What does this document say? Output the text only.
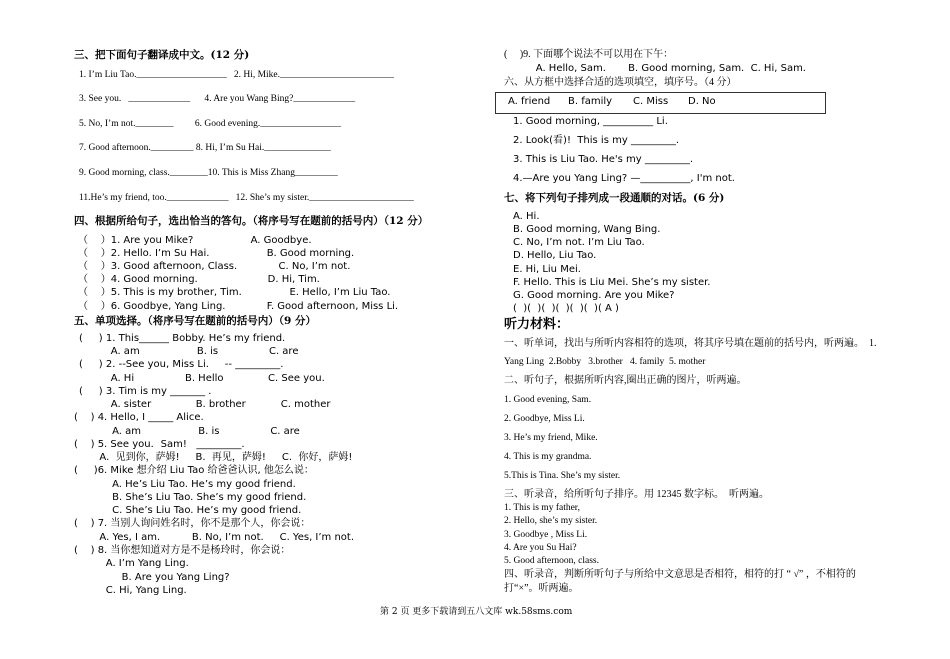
三、把下面句子翻译成中文。(12 分)
1. I’m Liu Tao.___________________   2. Hi, Mike.________________________
3. See you.   _____________      4. Are you Wang Bing?_____________
5. No, I’m not.________         6. Good evening._________________
7. Good afternoon._________ 8. Hi, I’m Su Hai.______________
9. Good morning, class.________10. This is Miss Zhang_________
11.He’s my friend, too._____________   12. She’s my sister.______________________
四、根据所给句子，选出恰当的答句。（将序号写在题前的括号内）（12 分）
（    ）1. Are you Mike?                  A. Goodbye.
（    ）2. Hello. I’m Su Hai.                  B. Good morning.
（    ）3. Good afternoon, Class.             C. No, I’m not.
（    ）4. Good morning.                      D. Hi, Tim.
（    ）5. This is my brother, Tim.               E. Hello, I’m Liu Tao.
（    ）6. Goodbye, Yang Ling.             F. Good afternoon, Miss Li.
五、单项选择。（将序号写在题前的括号内）（9 分）
(     ) 1. This______ Bobby. He’s my friend.
A. am                  B. is                C. are
(     ) 2. --See you, Miss Li.     -- _________.
A. Hi                B. Hello              C. See you.
(     ) 3. Tim is my _______ .
A. sister              B. brother           C. mother
(    ) 4. Hello, I _____ Alice.
A. am                  B. is                C. are
(    ) 5. See you．Sam!   _________.
A.  见到你，萨姆!     B.  再见，萨姆!     C.  你好，萨姆!
(     )6. Mike 想介绍 Liu Tao 给爸爸认识, 他怎么说：
A. He’s Liu Tao. He’s my good friend.
B. She’s Liu Tao. She’s my good friend.
C. She’s Liu Tao. He’s my good friend.
(    ) 7. 当别人询问姓名时，你不是那个人，你会说：
A. Yes, I am.          B. No, I’m not.     C. Yes, I’m not.
(    ) 8. 当你想知道对方是不是杨玲时，你会说：
A. I’m Yang Ling.
B. Are you Yang Ling?
C. Hi, Yang Ling.
(     )9. 下面哪个说法不可以用在下午：
A. Hello, Sam.       B. Good morning, Sam.  C. Hi, Sam.
六、从方框中选择合适的选项填空，填序号。（4 分）
A. friend B. family C. Miss D. No
1. Good morning, __________ Li.
2. Look(看)!  This is my _________.
3. This is Liu Tao. He's my _________.
4.—Are you Yang Ling? —__________, I'm not.
七、将下列句子排列成一段通顺的对话。(6 分)
A. Hi.
B. Good morning, Wang Bing.
C. No, I’m not. I’m Liu Tao.
D. Hello, Liu Tao.
E. Hi, Liu Mei.
F. Hello. This is Liu Mei. She’s my sister.
G. Good morning. Are you Mike?
(  )(  )(  )(  )(  )(  )( A )
听力材料：
一、听单词，找出与所听内容相符的选项，将其序号填在题前的括号内，听两遍。  1.
Yang Ling  2.Bobby   3.brother   4. family  5. mother
二、听句子，根据所听内容,圈出正确的图片，听两遍。
1. Good evening, Sam.
2. Goodbye, Miss Li.
3. He’s my friend, Mike.
4. This is my grandma.
5.This is Tina. She’s my sister.
三、听录音，给所听句子排序。用 12345 数字标。  听两遍。
1. This is my father,
2. Hello, she’s my sister.
3. Goodbye , Miss Li.
4. Are you Su Hai?
5. Good afternoon, class.
四、听录音，判断所听句子与所给中文意思是否相符，相符的打 “ √” ，不相符的
打“×”。听两遍。
第 2 页 更多下载请到五八文库 wk.58sms.com
